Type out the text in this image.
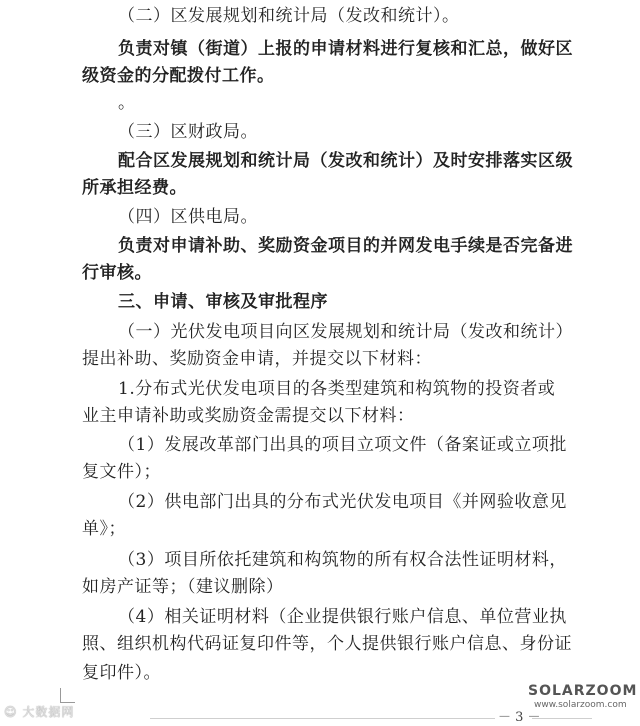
（二）区发展规划和统计局（发改和统计）。
负责对镇（街道）上报的申请材料进行复核和汇总，做好区
级资金的分配拨付工作。
。
（三）区财政局。
配合区发展规划和统计局（发改和统计）及时安排落实区级
所承担经费。
（四）区供电局。
负责对申请补助、奖励资金项目的并网发电手续是否完备进
行审核。
三、申请、审核及审批程序
（一）光伏发电项目向区发展规划和统计局（发改和统计）
提出补助、奖励资金申请，并提交以下材料：
1.分布式光伏发电项目的各类型建筑和构筑物的投资者或
业主申请补助或奖励资金需提交以下材料：
（1）发展改革部门出具的项目立项文件（备案证或立项批
复文件）；
（2）供电部门出具的分布式光伏发电项目《并网验收意见
单》；
（3）项目所依托建筑和构筑物的所有权合法性证明材料，
如房产证等；（建议删除）
（4）相关证明材料（企业提供银行账户信息、单位营业执
照、组织机构代码证复印件等，个人提供银行账户信息、身份证
复印件）。
－ 3 －
☺ 大数据网
SOLARZOOM
www.solarzoom.com
